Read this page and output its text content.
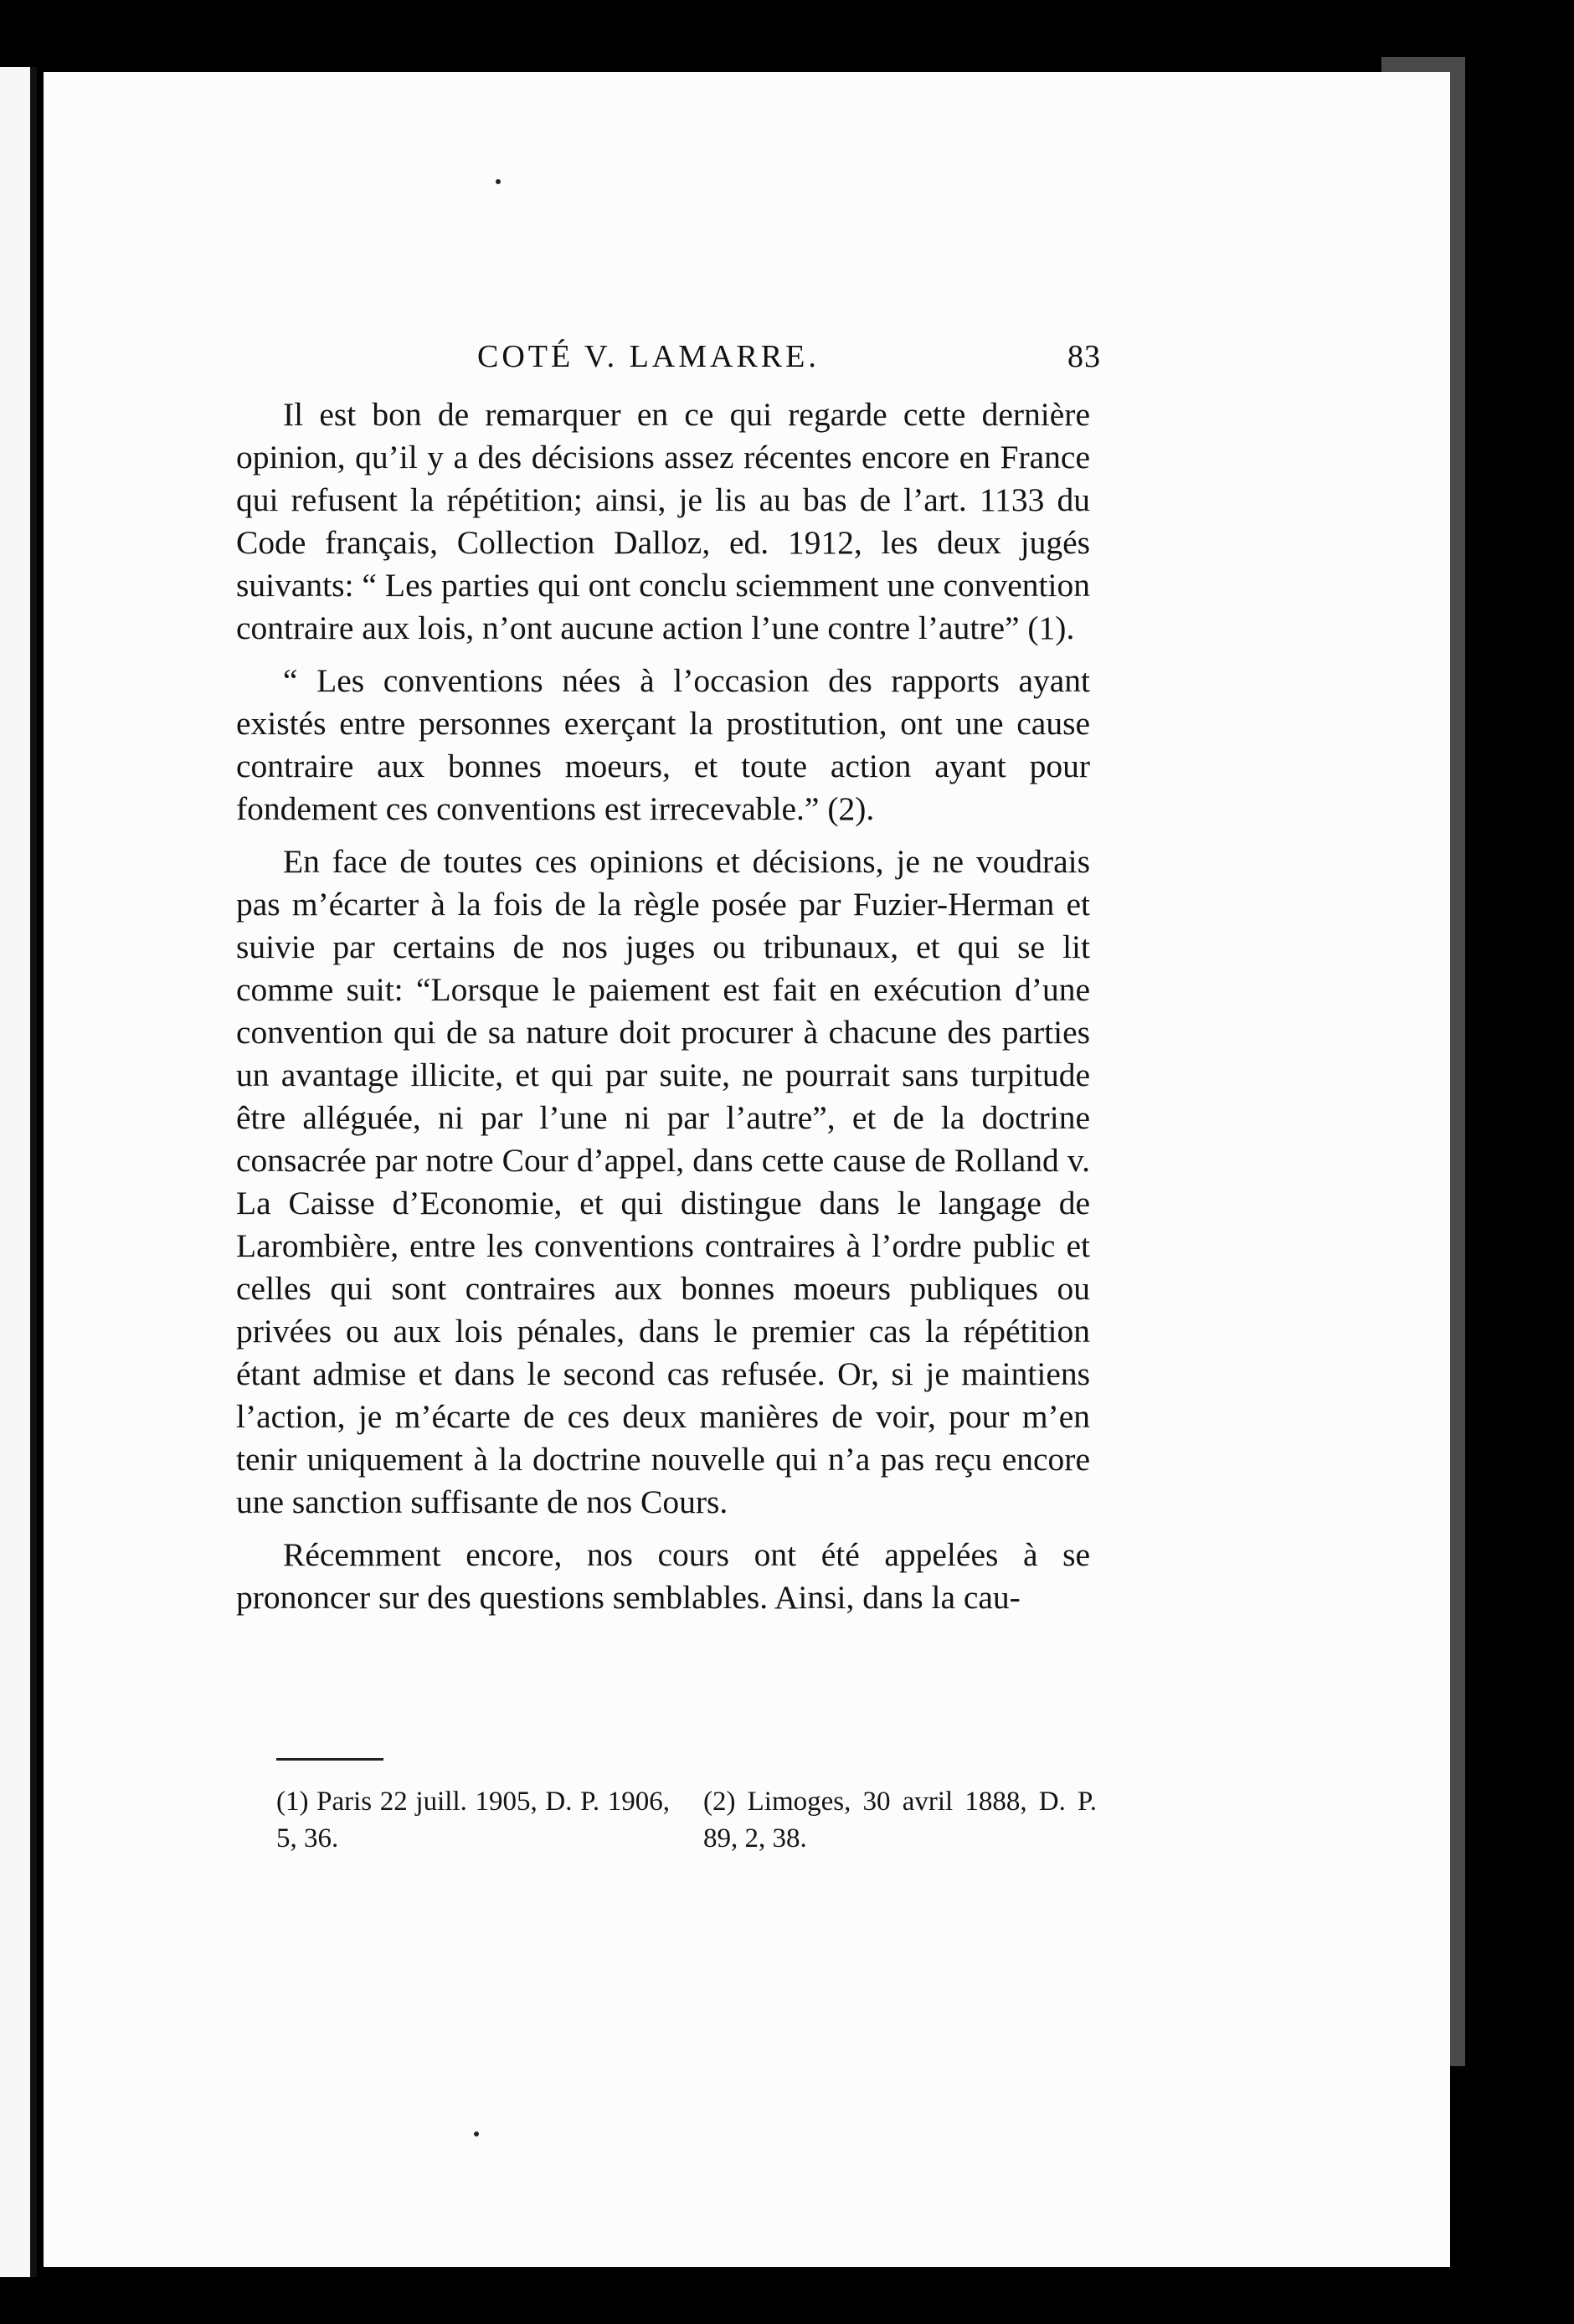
COTÉ V. LAMARRE.	83

Il est bon de remarquer en ce qui regarde cette dernière opinion, qu’il y a des décisions assez récentes encore en France qui refusent la répétition; ainsi, je lis au bas de l’art. 1133 du Code français, Collection Dalloz, ed. 1912, les deux jugés suivants: “ Les parties qui ont conclu sciemment une convention contraire aux lois, n’ont aucune action l’une contre l’autre” (1).

“ Les conventions nées à l’occasion des rapports ayant existés entre personnes exerçant la prostitution, ont une cause contraire aux bonnes moeurs, et toute action ayant pour fondement ces conventions est irrecevable.” (2).

En face de toutes ces opinions et décisions, je ne voudrais pas m’écarter à la fois de la règle posée par Fuzier-Herman et suivie par certains de nos juges ou tribunaux, et qui se lit comme suit: “Lorsque le paiement est fait en exécution d’une convention qui de sa nature doit procurer à chacune des parties un avantage illicite, et qui par suite, ne pourrait sans turpitude être alléguée, ni par l’une ni par l’autre”, et de la doctrine consacrée par notre Cour d’appel, dans cette cause de Rolland v. La Caisse d’Economie, et qui distingue dans le langage de Larombière, entre les conventions contraires à l’ordre public et celles qui sont contraires aux bonnes moeurs publiques ou privées ou aux lois pénales, dans le premier cas la répétition étant admise et dans le second cas refusée. Or, si je maintiens l’action, je m’écarte de ces deux manières de voir, pour m’en tenir uniquement à la doctrine nouvelle qui n’a pas reçu encore une sanction suffisante de nos Cours.

Récemment encore, nos cours ont été appelées à se prononcer sur des questions semblables. Ainsi, dans la cau-

(1) Paris 22 juill. 1905, D. P. 1906, 5, 36.
(2) Limoges, 30 avril 1888, D. P. 89, 2, 38.
